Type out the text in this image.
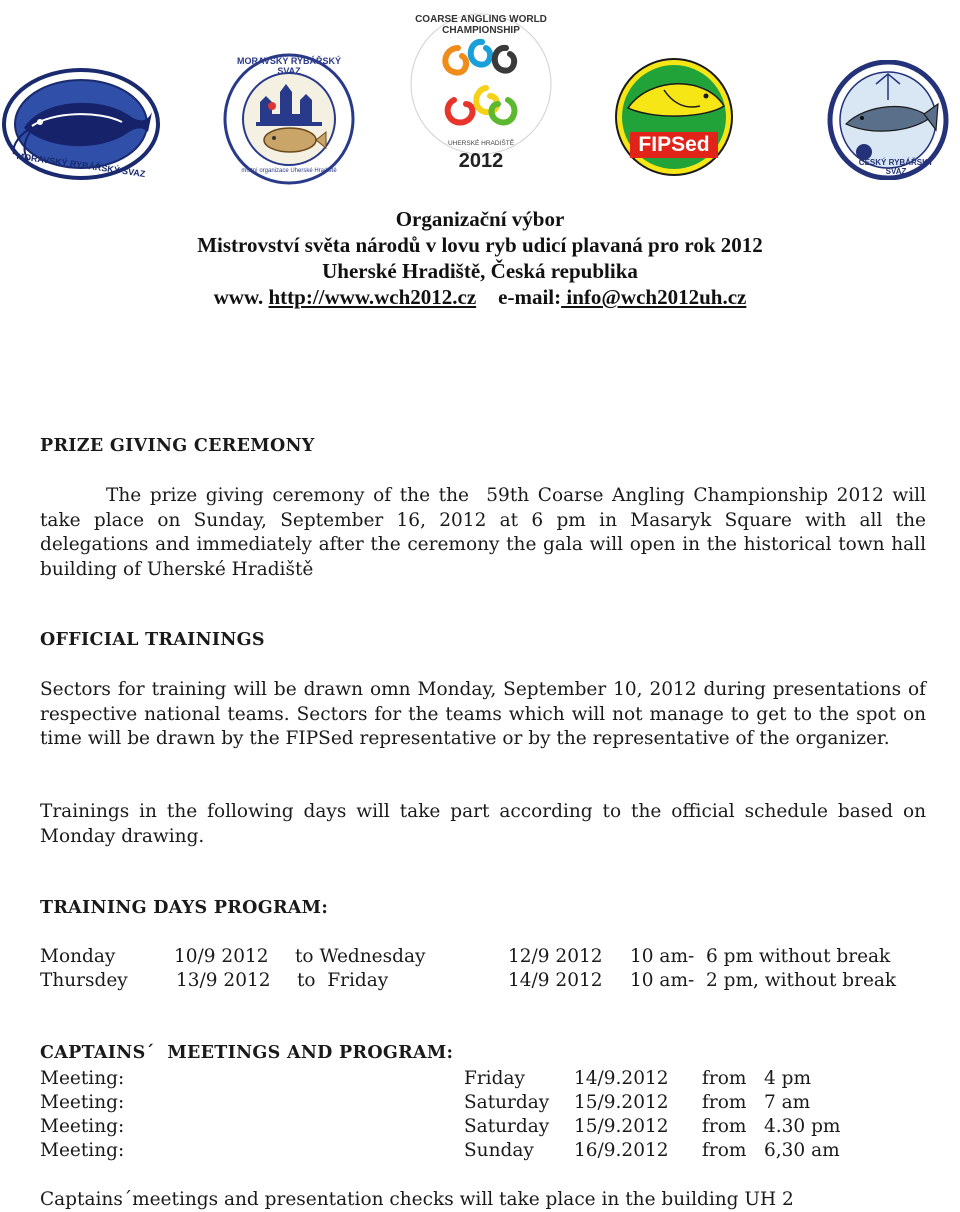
MORAVSKÝ RYBÁŘSKÝ SVAZ
MORAVSKÝ RYBÁŘSKÝ SVAZ
místní organizace Uherské Hradiště
COARSE ANGLING WORLD CHAMPIONSHIP
UHERSKÉ HRADIŠTĚ
2012
FIPSed
ČESKÝ RYBÁŘSKÝ SVAZ
Organizační výbor
Mistrovství světa národů v lovu ryb udicí plavaná pro rok 2012
Uherské Hradiště, Česká republika
www. http://www.wch2012.cz e-mail: info@wch2012uh.cz
PRIZE GIVING CEREMONY
The prize giving ceremony of the the  59th Coarse Angling Championship 2012 will take place on Sunday, September 16, 2012 at 6 pm in Masaryk Square with all the delegations and immediately after the ceremony the gala will open in the historical town hall building of Uherské Hradiště
OFFICIAL TRAININGS
Sectors for training will be drawn omn Monday, September 10, 2012 during presentations of respective national teams. Sectors for the teams which will not manage to get to the spot on time will be drawn by the FIPSed representative or by the representative of the organizer.
Trainings in the following days will take part according to the official schedule based on Monday drawing.
TRAINING DAYS PROGRAM:
Monday	10/9 2012 to Wednesday	12/9 2012 10 am-  6 pm without break
Thursdey	13/9 2012 to  Friday	14/9 2012 10 am-  2 pm, without break
CAPTAINS´  MEETINGS AND PROGRAM:
Meeting:	Friday	14/9.2012 from 4 pm
Meeting:	Saturday 15/9.2012 from 7 am
Meeting:	Saturday 15/9.2012 from 4.30 pm
Meeting:	Sunday 16/9.2012 from 6,30 am
Captains´meetings and presentation checks will take place in the building UH 2
